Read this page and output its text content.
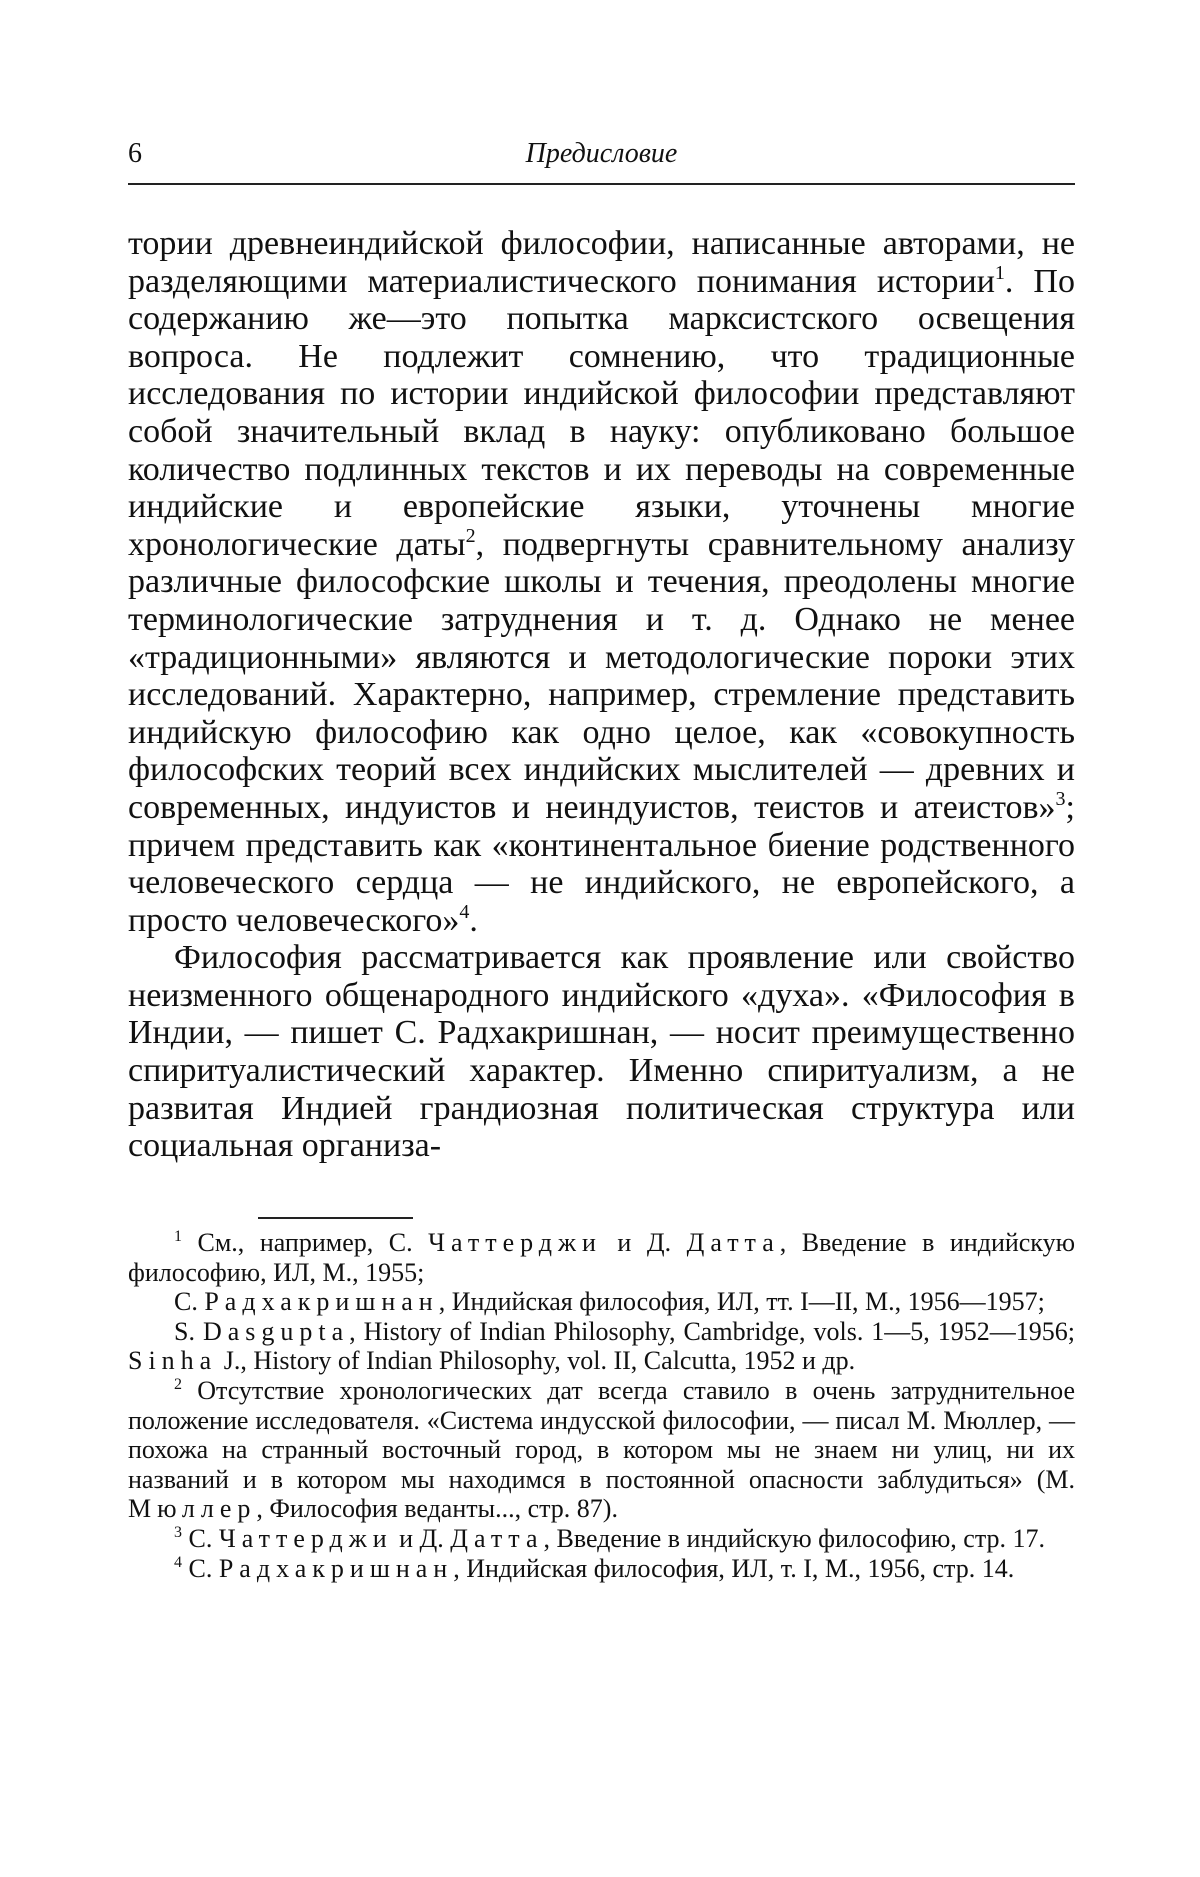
6	Предисловие

тории древнеиндийской философии, написанные авторами, не разделяющими материалистического понимания истории$^1$. По содержанию же—это попытка марксистского освещения вопроса. Не подлежит сомнению, что традиционные исследования по истории индийской философии представляют собой значительный вклад в науку: опубликовано большое количество подлинных текстов и их переводы на современные индийские и европейские языки, уточнены многие хронологические даты$^2$, подвергнуты сравнительному анализу различные философские школы и течения, преодолены многие терминологические затруднения и т. д. Однако не менее «традиционными» являются и методологические пороки этих исследований. Характерно, например, стремление представить индийскую философию как одно целое, как «совокупность философских теорий всех индийских мыслителей — древних и современных, индуистов и неиндуистов, теистов и атеистов»$^3$; причем представить как «континентальное биение родственного человеческого сердца — не индийского, не европейского, а просто человеческого»$^4$.

Философия рассматривается как проявление или свойство неизменного общенародного индийского «духа». «Философия в Индии, — пишет С. Радхакришнан, — носит преимущественно спиритуалистический характер. Именно спиритуализм, а не развитая Индией грандиозная политическая структура или социальная организа-

$^1$ См., например, С. Чаттерджи и Д. Датта, Введение в индийскую философию, ИЛ, М., 1955;

С. Радхакришнан, Индийская философия, ИЛ, тт. I—II, М., 1956—1957;

S. Dasgupta, History of Indian Philosophy, Cambridge, vols. 1—5, 1952—1956; Sinha J., History of Indian Philosophy, vol. II, Calcutta, 1952 и др.

$^2$ Отсутствие хронологических дат всегда ставило в очень затруднительное положение исследователя. «Система индусской философии, — писал М. Мюллер, — похожа на странный восточный город, в котором мы не знаем ни улиц, ни их названий и в котором мы находимся в постоянной опасности заблудиться» (М. Мюллер, Философия веданты..., стр. 87).

$^3$ С. Чаттерджи и Д. Датта, Введение в индийскую философию, стр. 17.

$^4$ С. Радхакришнан, Индийская философия, ИЛ, т. I, М., 1956, стр. 14.
